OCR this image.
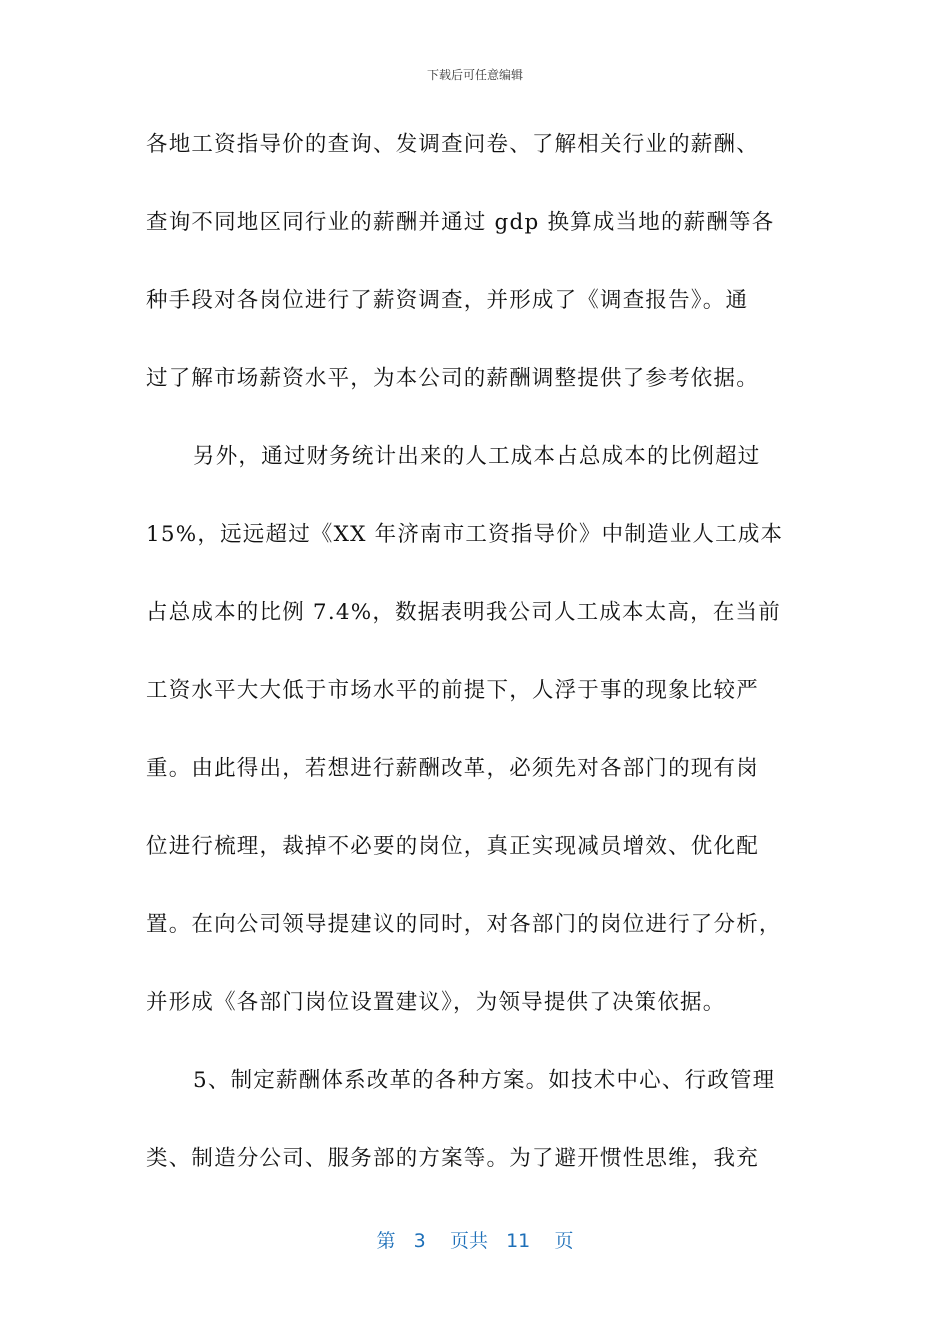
下载后可任意编辑
各地工资指导价的查询、发调查问卷、了解相关行业的薪酬、
查询不同地区同行业的薪酬并通过 gdp 换算成当地的薪酬等各
种手段对各岗位进行了薪资调查，并形成了《调查报告》。通
过了解市场薪资水平，为本公司的薪酬调整提供了参考依据。
另外，通过财务统计出来的人工成本占总成本的比例超过
15%，远远超过《XX 年济南市工资指导价》中制造业人工成本
占总成本的比例 7.4%，数据表明我公司人工成本太高，在当前
工资水平大大低于市场水平的前提下，人浮于事的现象比较严
重。由此得出，若想进行薪酬改革，必须先对各部门的现有岗
位进行梳理，裁掉不必要的岗位，真正实现减员增效、优化配
置。在向公司领导提建议的同时，对各部门的岗位进行了分析，
并形成《各部门岗位设置建议》，为领导提供了决策依据。
5、制定薪酬体系改革的各种方案。如技术中心、行政管理
类、制造分公司、服务部的方案等。为了避开惯性思维，我充
第 3 页共 11 页
